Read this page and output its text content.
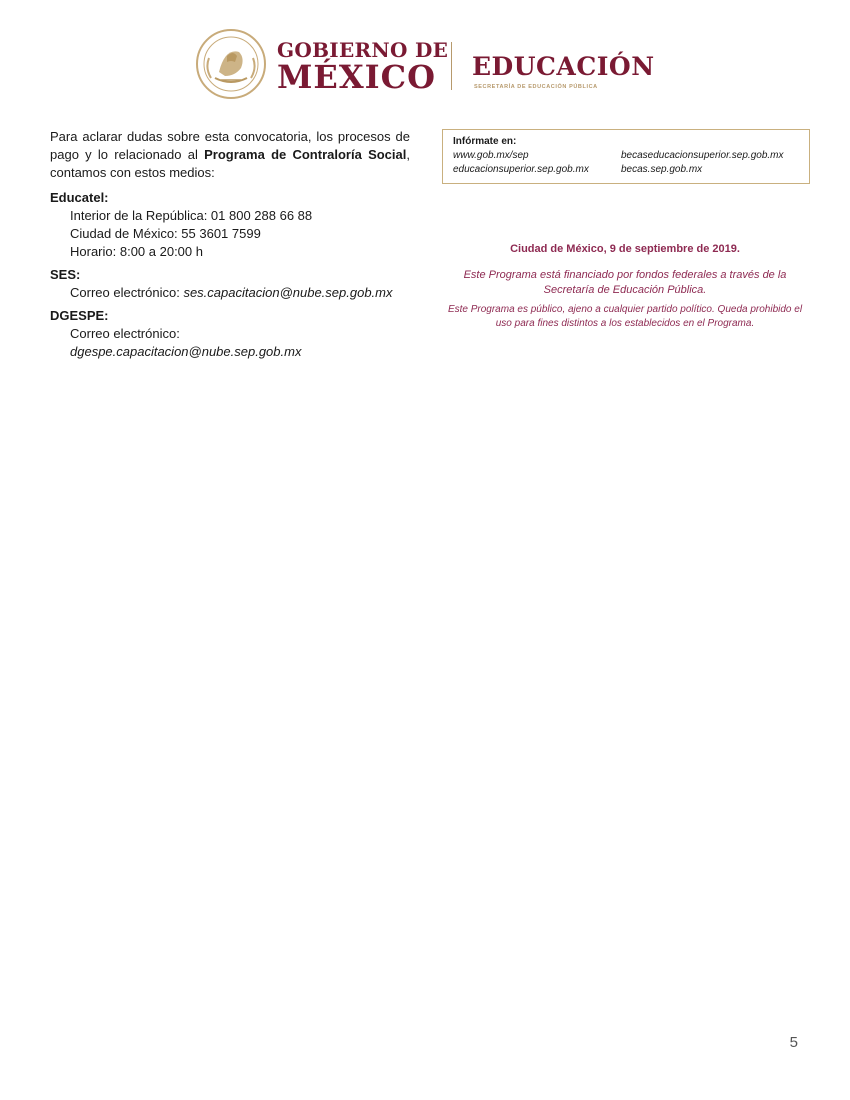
GOBIERNO DE
MÉXICO	EDUCACIÓN
SECRETARÍA DE EDUCACIÓN PÚBLICA

Para aclarar dudas sobre esta convocatoria, los procesos de pago y lo relacionado al Programa de Contraloría Social, contamos con estos medios:

Educatel:

Interior de la República: 01 800 288 66 88

Ciudad de México: 55 3601 7599

Horario: 8:00 a 20:00 h

SES:

Correo electrónico: ses.capacitacion@nube.sep.gob.mx

DGESPE:

Correo electrónico: dgespe.capacitacion@nube.sep.gob.mx

Infórmate en:
www.gob.mx/sep	becaseducacionsuperior.sep.gob.mx
educacionsuperior.sep.gob.mx	becas.sep.gob.mx

Ciudad de México, 9 de septiembre de 2019.

Este Programa está financiado por fondos federales a través de la Secretaría de Educación Pública.

Este Programa es público, ajeno a cualquier partido político. Queda prohibido el uso para fines distintos a los establecidos en el Programa.

5
